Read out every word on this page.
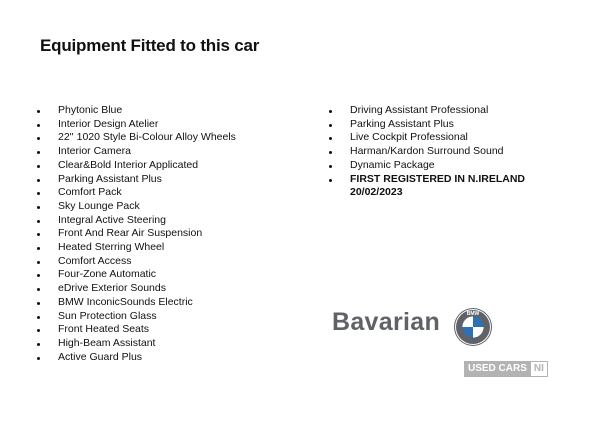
Equipment Fitted to this car
Phytonic Blue
Interior Design Atelier
22'' 1020 Style Bi-Colour Alloy Wheels
Interior Camera
Clear&Bold Interior Applicated
Parking Assistant Plus
Comfort Pack
Sky Lounge Pack
Integral Active Steering
Front And Rear Air Suspension
Heated Sterring Wheel
Comfort Access
Four-Zone Automatic
eDrive Exterior Sounds
BMW InconicSounds Electric
Sun Protection Glass
Front Heated Seats
High-Beam Assistant
Active Guard Plus
Driving Assistant Professional
Parking Assistant Plus
Live Cockpit Professional
Harman/Kardon Surround Sound
Dynamic Package
FIRST REGISTERED IN N.IRELAND
20/02/2023
Bavarian	BMW
USED CARS NI
